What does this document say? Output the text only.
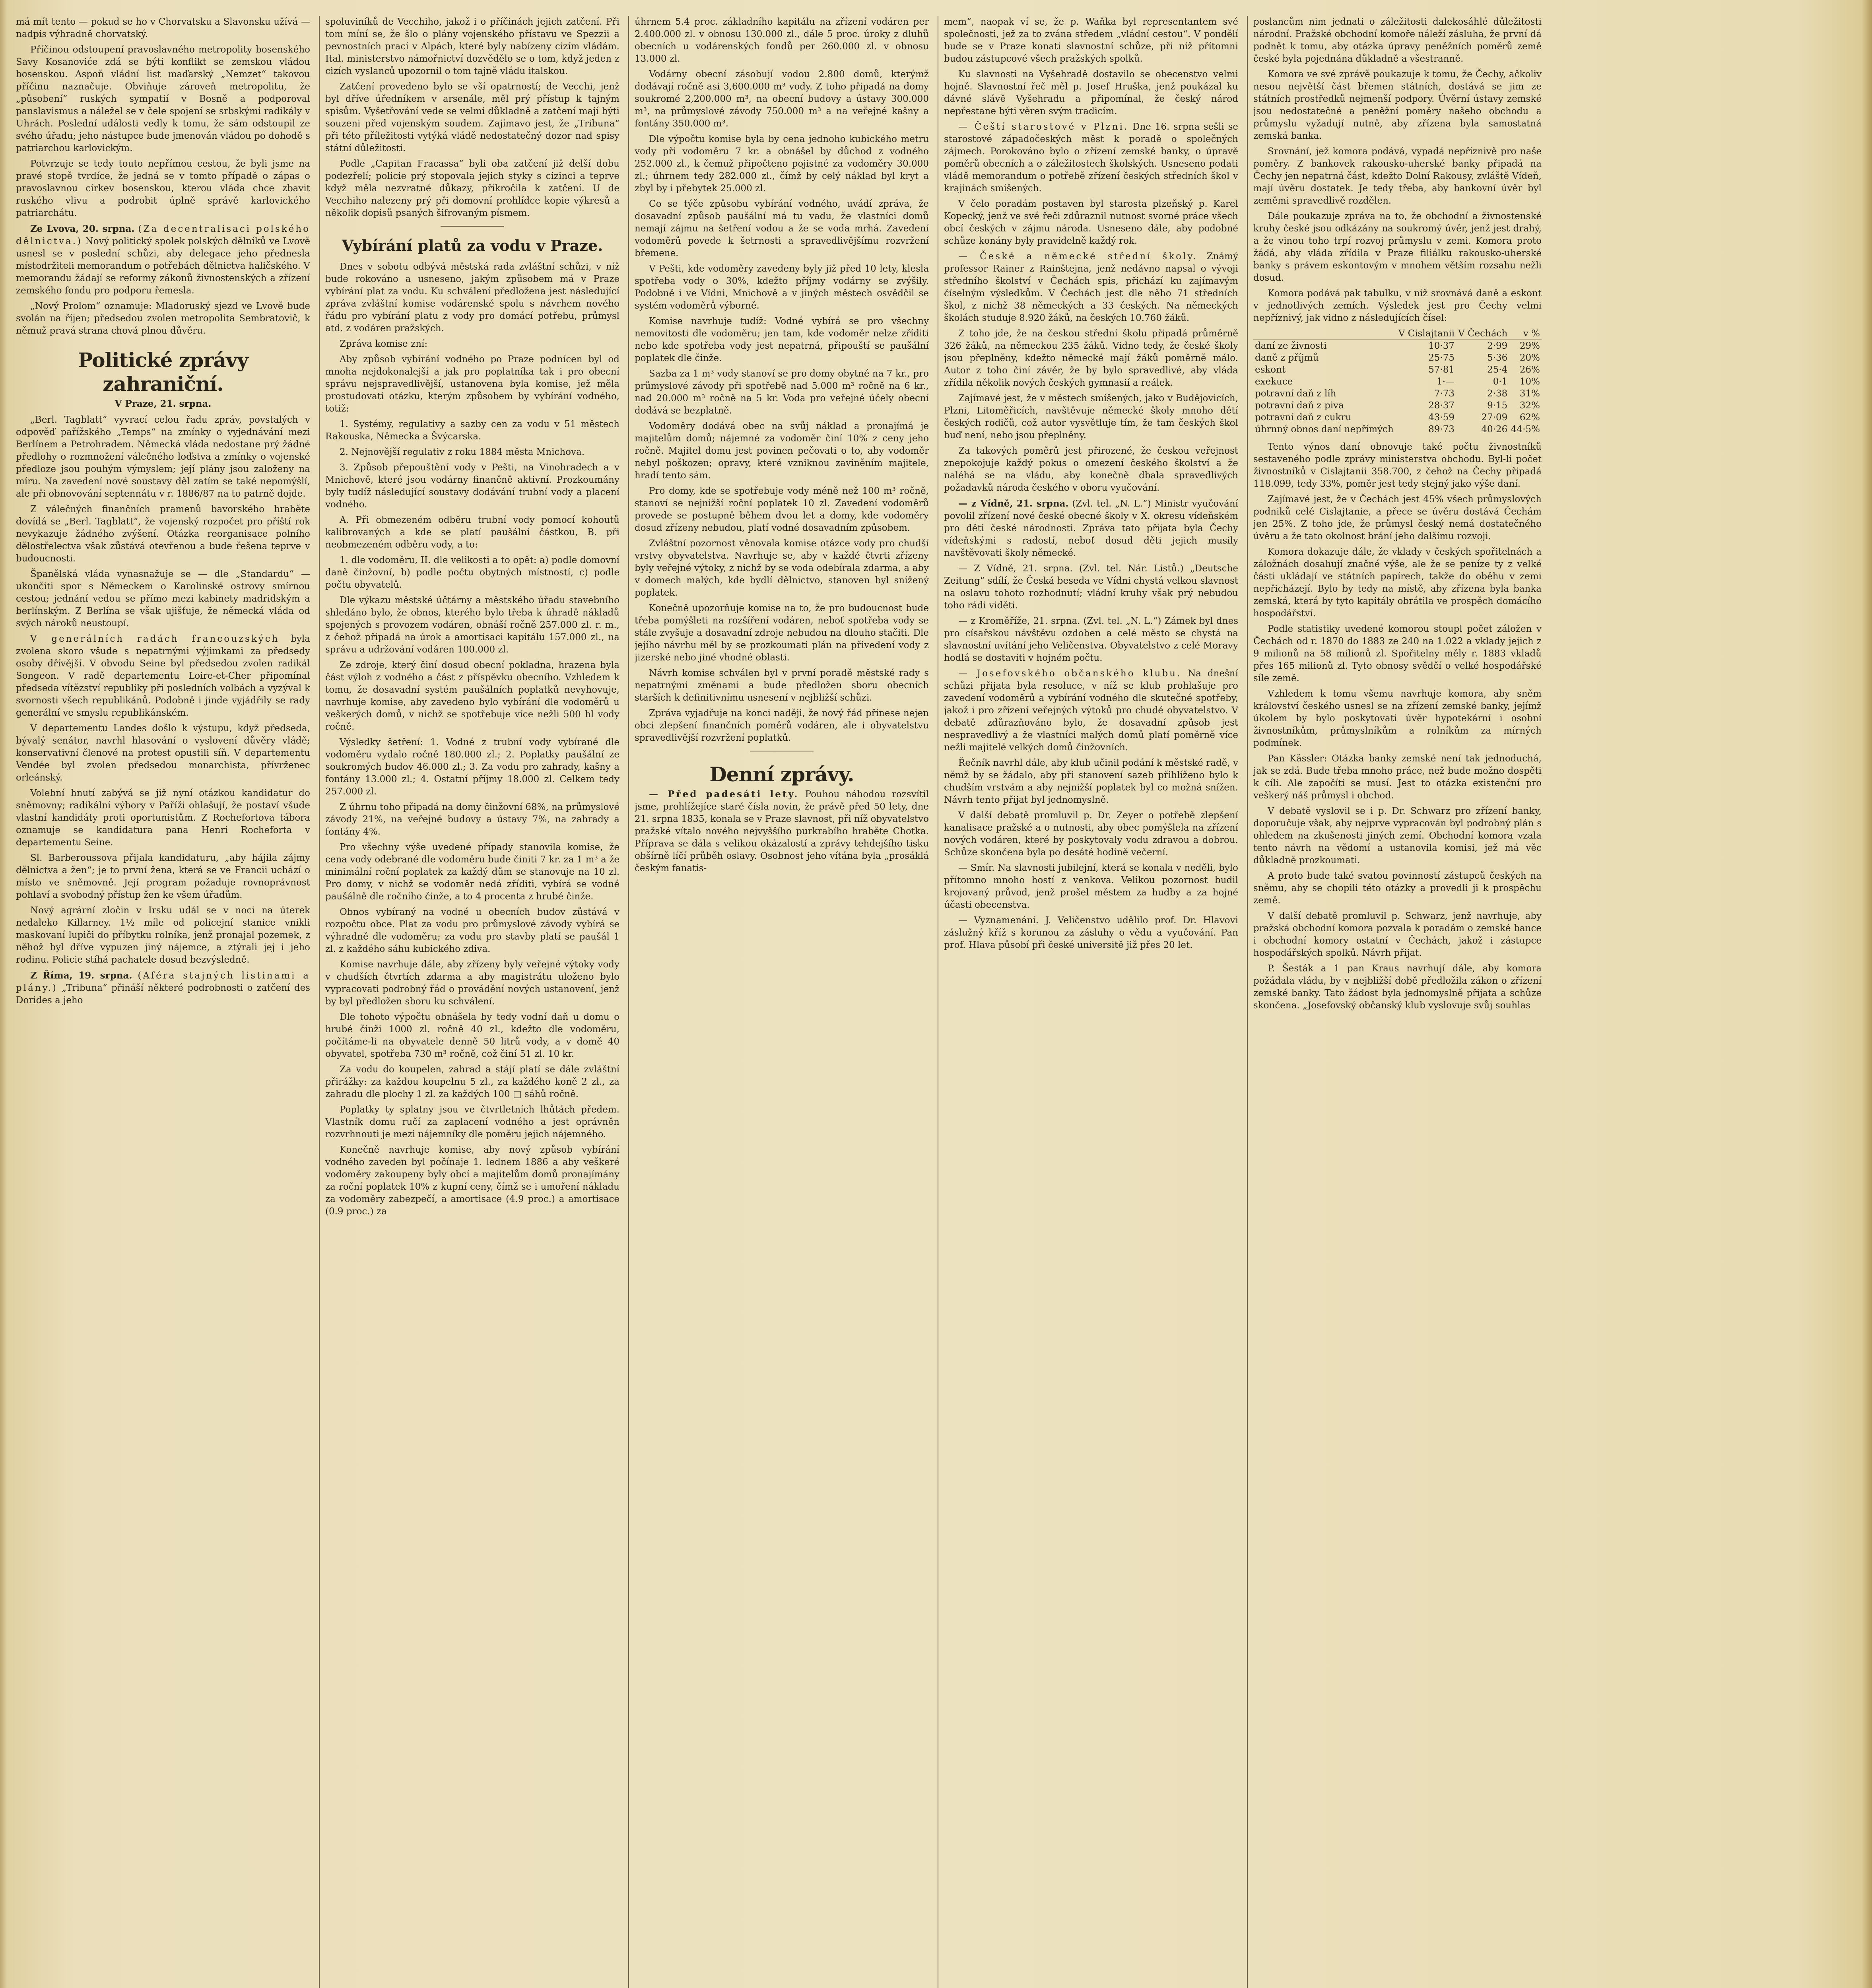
má mít tento — pokud se ho v Chorvatsku a Slavonsku užívá — nadpis výhradně chorvatský.

Příčinou odstoupení pravoslavného metropolity bosenského Savy Kosanoviće zdá se býti konflikt se zemskou vládou bosenskou. Aspoň vládní list maďarský „Nemzet“ takovou příčinu naznačuje. Obviňuje zároveň metropolitu, že „působení“ ruských sympatií v Bosně a podporoval panslavismus a náležel se v čele spojení se srbskými radikály v Uhrách. Poslední události vedly k tomu, že sám odstoupil ze svého úřadu; jeho nástupce bude jmenován vládou po dohodě s patriarchou karlovickým.

Potvrzuje se tedy touto nepřímou cestou, že byli jsme na pravé stopě tvrdíce, že jedná se v tomto případě o zápas o pravoslavnou církev bosenskou, kterou vláda chce zbavit ruského vlivu a podrobit úplně správě karlovického patriarchátu.

Ze Lvova, 20. srpna. (Za decentralisaci polského dělnictva.) Nový politický spolek polských dělníků ve Lvově usnesl se v poslední schůzi, aby delegace jeho přednesla místodržiteli memorandum o potřebách dělnictva haličského. V memorandu žádají se reformy zákonů živnostenských a zřízení zemského fondu pro podporu řemesla.

„Nový Prolom“ oznamuje: Mladoruský sjezd ve Lvově bude svolán na říjen; předsedou zvolen metropolita Sembratovič, k němuž pravá strana chová plnou důvěru.

Politické zprávy zahraniční.
V Praze, 21. srpna.

„Berl. Tagblatt“ vyvrací celou řadu zpráv, povstalých v odpověď pařížského „Temps“ na zmínky o vyjednávání mezi Berlínem a Petrohradem. Německá vláda nedostane prý žádné předlohy o rozmnožení válečného loďstva a zmínky o vojenské předloze jsou pouhým výmyslem; její plány jsou založeny na míru. Na zavedení nové soustavy děl zatím se také nepomýšlí, ale při obnovování septennátu v r. 1886/87 na to patrně dojde.

Z válečných finančních pramenů bavorského hraběte dovídá se „Berl. Tagblatt“, že vojenský rozpočet pro příští rok nevykazuje žádného zvýšení. Otázka reorganisace polního dělostřelectva však zůstává otevřenou a bude řešena teprve v budoucnosti.

Španělská vláda vynasnažuje se — dle „Standardu“ — ukončiti spor s Německem o Karolinské ostrovy smírnou cestou; jednání vedou se přímo mezi kabinety madridským a berlínským. Z Berlína se však ujišťuje, že německá vláda od svých nároků neustoupí.

V generálních radách francouzských byla zvolena skoro všude s nepatrnými výjimkami za předsedy osoby dřívější. V obvodu Seine byl předsedou zvolen radikál Songeon. V radě departementu Loire-et-Cher připomínal předseda vítězství republiky při posledních volbách a vyzýval k svornosti všech republikánů. Podobně i jinde vyjádřily se rady generální ve smyslu republikánském.

V departementu Landes došlo k výstupu, když předseda, bývalý senátor, navrhl hlasování o vyslovení důvěry vládě; konservativní členové na protest opustili síň. V departementu Vendée byl zvolen předsedou monarchista, přívrženec orleánský.

Volební hnutí zabývá se již nyní otázkou kandidatur do sněmovny; radikální výbory v Paříži ohlašují, že postaví všude vlastní kandidáty proti oportunistům. Z Rochefortova tábora oznamuje se kandidatura pana Henri Rocheforta v departementu Seine.

Sl. Barberoussova přijala kandidaturu, „aby hájila zájmy dělnictva a žen“; je to první žena, která se ve Francii uchází o místo ve sněmovně. Její program požaduje rovnoprávnost pohlaví a svobodný přístup žen ke všem úřadům.

Nový agrární zločin v Irsku udál se v noci na úterek nedaleko Killarney. 1½ míle od policejní stanice vnikli maskovaní lupiči do příbytku rolníka, jenž pronajal pozemek, z něhož byl dříve vypuzen jiný nájemce, a ztýrali jej i jeho rodinu. Policie stíhá pachatele dosud bezvýsledně.

Z Říma, 19. srpna. (Aféra stajných listinami a plány.) „Tribuna“ přináší některé podrobnosti o zatčení des Dorides a jeho

spoluviníků de Vecchiho, jakož i o příčinách jejich zatčení. Při tom míní se, že šlo o plány vojenského přístavu ve Spezzii a pevnostních prací v Alpách, které byly nabízeny cizím vládám. Ital. ministerstvo námořnictví dozvědělo se o tom, když jeden z cizích vyslanců upozornil o tom tajně vládu italskou.

Zatčení provedeno bylo se vší opatrností; de Vecchi, jenž byl dříve úředníkem v arsenále, měl prý přístup k tajným spisům. Vyšetřování vede se velmi důkladně a zatčení mají býti souzeni před vojenským soudem. Zajímavo jest, že „Tribuna“ při této příležitosti vytýká vládě nedostatečný dozor nad spisy státní důležitosti.

Podle „Capitan Fracassa“ byli oba zatčení již delší dobu podezřelí; policie prý stopovala jejich styky s cizinci a teprve když měla nezvratné důkazy, přikročila k zatčení. U de Vecchiho nalezeny prý při domovní prohlídce kopie výkresů a několik dopisů psaných šifrovaným písmem.

Vybírání platů za vodu v Praze.

Dnes v sobotu odbývá městská rada zvláštní schůzi, v níž bude rokováno a usneseno, jakým způsobem má v Praze vybírání plat za vodu. Ku schválení předložena jest následující zpráva zvláštní komise vodárenské spolu s návrhem nového řádu pro vybírání platu z vody pro domácí potřebu, průmysl atd. z vodáren pražských.

Zpráva komise zní:

Aby způsob vybírání vodného po Praze podnícen byl od mnoha nejdokonalejší a jak pro poplatníka tak i pro obecní správu nejspravedlivější, ustanovena byla komise, jež měla prostudovati otázku, kterým způsobem by vybírání vodného, totiž:

1. Systémy, regulativy a sazby cen za vodu v 51 městech Rakouska, Německa a Švýcarska.

2. Nejnovější regulativ z roku 1884 města Mnichova.

3. Způsob přepouštění vody v Pešti, na Vinohradech a v Mnichově, které jsou vodárny finančně aktivní. Prozkoumány byly tudíž následující soustavy dodávání trubní vody a placení vodného.

A. Při obmezeném odběru trubní vody pomocí kohoutů kalibrovaných a kde se platí paušální částkou, B. při neobmezeném odběru vody, a to:

1. dle vodoměru, II. dle velikosti a to opět: a) podle domovní daně činžovní, b) podle počtu obytných místností, c) podle počtu obyvatelů.

Dle výkazu městské účtárny a městského úřadu stavebního shledáno bylo, že obnos, kterého bylo třeba k úhradě nákladů spojených s provozem vodáren, obnáší ročně 257.000 zl. r. m., z čehož připadá na úrok a amortisaci kapitálu 157.000 zl., na správu a udržování vodáren 100.000 zl.

Ze zdroje, který činí dosud obecní pokladna, hrazena byla část výloh z vodného a část z příspěvku obecního. Vzhledem k tomu, že dosavadní systém paušálních poplatků nevyhovuje, navrhuje komise, aby zavedeno bylo vybírání dle vodoměrů u veškerých domů, v nichž se spotřebuje více nežli 500 hl vody ročně.

Výsledky šetření: 1. Vodné z trubní vody vybírané dle vodoměru vydalo ročně 180.000 zl.; 2. Poplatky paušální ze soukromých budov 46.000 zl.; 3. Za vodu pro zahrady, kašny a fontány 13.000 zl.; 4. Ostatní příjmy 18.000 zl. Celkem tedy 257.000 zl.

Z úhrnu toho připadá na domy činžovní 68%, na průmyslové závody 21%, na veřejné budovy a ústavy 7%, na zahrady a fontány 4%.

Pro všechny výše uvedené případy stanovila komise, že cena vody odebrané dle vodoměru bude činiti 7 kr. za 1 m³ a že minimální roční poplatek za každý dům se stanovuje na 10 zl. Pro domy, v nichž se vodoměr nedá zříditi, vybírá se vodné paušálně dle ročního činže, a to 4 procenta z hrubé činže.

Obnos vybíraný na vodné u obecních budov zůstává v rozpočtu obce. Plat za vodu pro průmyslové závody vybírá se výhradně dle vodoměru; za vodu pro stavby platí se paušál 1 zl. z každého sáhu kubického zdiva.

Komise navrhuje dále, aby zřízeny byly veřejné výtoky vody v chudších čtvrtích zdarma a aby magistrátu uloženo bylo vypracovati podrobný řád o provádění nových ustanovení, jenž by byl předložen sboru ku schválení.

Dle tohoto výpočtu obnášela by tedy vodní daň u domu o hrubé činži 1000 zl. ročně 40 zl., kdežto dle vodoměru, počítáme-li na obyvatele denně 50 litrů vody, a v domě 40 obyvatel, spotřeba 730 m³ ročně, což činí 51 zl. 10 kr.

Za vodu do koupelen, zahrad a stájí platí se dále zvláštní přirážky: za každou koupelnu 5 zl., za každého koně 2 zl., za zahradu dle plochy 1 zl. za každých 100 □ sáhů ročně.

Poplatky ty splatny jsou ve čtvrtletních lhůtách předem. Vlastník domu ručí za zaplacení vodného a jest oprávněn rozvrhnouti je mezi nájemníky dle poměru jejich nájemného.

Konečně navrhuje komise, aby nový způsob vybírání vodného zaveden byl počínaje 1. lednem 1886 a aby veškeré vodoměry zakoupeny byly obcí a majitelům domů pronajímány za roční poplatek 10% z kupní ceny, čímž se i umoření nákladu za vodoměry zabezpečí, a amortisace (4.9 proc.) a amortisace (0.9 proc.) za

úhrnem 5.4 proc. základního kapitálu na zřízení vodáren per 2.400.000 zl. v obnosu 130.000 zl., dále 5 proc. úroky z dluhů obecních u vodárenských fondů per 260.000 zl. v obnosu 13.000 zl.

Vodárny obecní zásobují vodou 2.800 domů, kterýmž dodávají ročně asi 3,600.000 m³ vody. Z toho připadá na domy soukromé 2,200.000 m³, na obecní budovy a ústavy 300.000 m³, na průmyslové závody 750.000 m³ a na veřejné kašny a fontány 350.000 m³.

Dle výpočtu komise byla by cena jednoho kubického metru vody při vodoměru 7 kr. a obnášel by důchod z vodného 252.000 zl., k čemuž připočteno pojistné za vodoměry 30.000 zl.; úhrnem tedy 282.000 zl., čímž by celý náklad byl kryt a zbyl by i přebytek 25.000 zl.

Co se týče způsobu vybírání vodného, uvádí zpráva, že dosavadní způsob paušální má tu vadu, že vlastníci domů nemají zájmu na šetření vodou a že se voda mrhá. Zavedení vodoměrů povede k šetrnosti a spravedlivějšímu rozvržení břemene.

V Pešti, kde vodoměry zavedeny byly již před 10 lety, klesla spotřeba vody o 30%, kdežto příjmy vodárny se zvýšily. Podobně i ve Vídni, Mnichově a v jiných městech osvědčil se systém vodoměrů výborně.

Komise navrhuje tudíž: Vodné vybírá se pro všechny nemovitosti dle vodoměru; jen tam, kde vodoměr nelze zříditi nebo kde spotřeba vody jest nepatrná, připouští se paušální poplatek dle činže.

Sazba za 1 m³ vody stanoví se pro domy obytné na 7 kr., pro průmyslové závody při spotřebě nad 5.000 m³ ročně na 6 kr., nad 20.000 m³ ročně na 5 kr. Voda pro veřejné účely obecní dodává se bezplatně.

Vodoměry dodává obec na svůj náklad a pronajímá je majitelům domů; nájemné za vodoměr činí 10% z ceny jeho ročně. Majitel domu jest povinen pečovati o to, aby vodoměr nebyl poškozen; opravy, které vzniknou zaviněním majitele, hradí tento sám.

Pro domy, kde se spotřebuje vody méně než 100 m³ ročně, stanoví se nejnižší roční poplatek 10 zl. Zavedení vodoměrů provede se postupně během dvou let a domy, kde vodoměry dosud zřízeny nebudou, platí vodné dosavadním způsobem.

Zvláštní pozornost věnovala komise otázce vody pro chudší vrstvy obyvatelstva. Navrhuje se, aby v každé čtvrti zřízeny byly veřejné výtoky, z nichž by se voda odebírala zdarma, a aby v domech malých, kde bydlí dělnictvo, stanoven byl snížený poplatek.

Konečně upozorňuje komise na to, že pro budoucnost bude třeba pomýšleti na rozšíření vodáren, neboť spotřeba vody se stále zvyšuje a dosavadní zdroje nebudou na dlouho stačiti. Dle jejího návrhu měl by se prozkoumati plán na přivedení vody z jizerské nebo jiné vhodné oblasti.

Návrh komise schválen byl v první poradě městské rady s nepatrnými změnami a bude předložen sboru obecních starších k definitivnímu usnesení v nejbližší schůzi.

Zpráva vyjadřuje na konci naději, že nový řád přinese nejen obci zlepšení finančních poměrů vodáren, ale i obyvatelstvu spravedlivější rozvržení poplatků.

Denní zprávy.

— Před padesáti lety. Pouhou náhodou rozsvítil jsme, prohlížejíce staré čísla novin, že právě před 50 lety, dne 21. srpna 1835, konala se v Praze slavnost, při níž obyvatelstvo pražské vítalo nového nejvyššího purkrabího hraběte Chotka. Příprava se dála s velikou okázalostí a zprávy tehdejšího tisku obšírně líčí průběh oslavy. Osobnost jeho vítána byla „prosáklá českým fanatis-

mem“, naopak ví se, že p. Waňka byl representantem své společnosti, jež za to zvána středem „vládní cestou“. V pondělí bude se v Praze konati slavnostní schůze, při níž přítomni budou zástupcové všech pražských spolků.

Ku slavnosti na Vyšehradě dostavilo se obecenstvo velmi hojně. Slavnostní řeč měl p. Josef Hruška, jenž poukázal ku dávné slávě Vyšehradu a připomínal, že český národ nepřestane býti věren svým tradicím.

— Čeští starostové v Plzni. Dne 16. srpna sešli se starostové západočeských měst k poradě o společných zájmech. Porokováno bylo o zřízení zemské banky, o úpravě poměrů obecních a o záležitostech školských. Usneseno podati vládě memorandum o potřebě zřízení českých středních škol v krajinách smíšených.

V čelo poradám postaven byl starosta plzeňský p. Karel Kopecký, jenž ve své řeči zdůraznil nutnost svorné práce všech obcí českých v zájmu národa. Usneseno dále, aby podobné schůze konány byly pravidelně každý rok.

— České a německé střední školy. Známý professor Rainer z Rainštejna, jenž nedávno napsal o vývoji středního školství v Čechách spis, přichází ku zajímavým číselným výsledkům. V Čechách jest dle něho 71 středních škol, z nichž 38 německých a 33 českých. Na německých školách studuje 8.920 žáků, na českých 10.760 žáků.

Z toho jde, že na českou střední školu připadá průměrně 326 žáků, na německou 235 žáků. Vidno tedy, že české školy jsou přeplněny, kdežto německé mají žáků poměrně málo. Autor z toho činí závěr, že by bylo spravedlivé, aby vláda zřídila několik nových českých gymnasií a reálek.

Zajímavé jest, že v městech smíšených, jako v Budějovicích, Plzni, Litoměřicích, navštěvuje německé školy mnoho dětí českých rodičů, což autor vysvětluje tím, že tam českých škol buď není, nebo jsou přeplněny.

Za takových poměrů jest přirozené, že českou veřejnost znepokojuje každý pokus o omezení českého školství a že naléhá se na vládu, aby konečně dbala spravedlivých požadavků národa českého v oboru vyučování.

— z Vídně, 21. srpna. (Zvl. tel. „N. L.“) Ministr vyučování povolil zřízení nové české obecné školy v X. okresu vídeňském pro děti české národnosti. Zpráva tato přijata byla Čechy vídeňskými s radostí, neboť dosud děti jejich musily navštěvovati školy německé.

— Z Vídně, 21. srpna. (Zvl. tel. Nár. Listů.) „Deutsche Zeitung“ sdílí, že Česká beseda ve Vídni chystá velkou slavnost na oslavu tohoto rozhodnutí; vládní kruhy však prý nebudou toho rádi viděti.

— z Kroměříže, 21. srpna. (Zvl. tel. „N. L.“) Zámek byl dnes pro císařskou návštěvu ozdoben a celé město se chystá na slavnostní uvítání jeho Veličenstva. Obyvatelstvo z celé Moravy hodlá se dostaviti v hojném počtu.

— Josefovského občanského klubu. Na dnešní schůzi přijata byla resoluce, v níž se klub prohlašuje pro zavedení vodoměrů a vybírání vodného dle skutečné spotřeby, jakož i pro zřízení veřejných výtoků pro chudé obyvatelstvo. V debatě zdůrazňováno bylo, že dosavadní způsob jest nespravedlivý a že vlastníci malých domů platí poměrně více nežli majitelé velkých domů činžovních.

Řečník navrhl dále, aby klub učinil podání k městské radě, v němž by se žádalo, aby při stanovení sazeb přihlíženo bylo k chudším vrstvám a aby nejnižší poplatek byl co možná snížen. Návrh tento přijat byl jednomyslně.

V další debatě promluvil p. Dr. Zeyer o potřebě zlepšení kanalisace pražské a o nutnosti, aby obec pomýšlela na zřízení nových vodáren, které by poskytovaly vodu zdravou a dobrou. Schůze skončena byla po desáté hodině večerní.

— Smír. Na slavnosti jubilejní, která se konala v neděli, bylo přítomno mnoho hostí z venkova. Velikou pozornost budil krojovaný průvod, jenž prošel městem za hudby a za hojné účasti obecenstva.

— Vyznamenání. J. Veličenstvo udělilo prof. Dr. Hlavovi záslužný kříž s korunou za zásluhy o vědu a vyučování. Pan prof. Hlava působí při české universitě již přes 20 let.

poslancům nim jednati o záležitosti dalekosáhlé důležitosti národní. Pražské obchodní komoře náleží zásluha, že první dá podnět k tomu, aby otázka úpravy peněžních poměrů země české byla pojednána důkladně a všestranně.

Komora ve své zprávě poukazuje k tomu, že Čechy, ačkoliv nesou největší část břemen státních, dostává se jim ze státních prostředků nejmenší podpory. Úvěrní ústavy zemské jsou nedostatečné a peněžní poměry našeho obchodu a průmyslu vyžadují nutně, aby zřízena byla samostatná zemská banka.

Srovnání, jež komora podává, vypadá nepříznivě pro naše poměry. Z bankovek rakousko-uherské banky připadá na Čechy jen nepatrná část, kdežto Dolní Rakousy, zvláště Vídeň, mají úvěru dostatek. Je tedy třeba, aby bankovní úvěr byl zeměmi spravedlivě rozdělen.

Dále poukazuje zpráva na to, že obchodní a živnostenské kruhy české jsou odkázány na soukromý úvěr, jenž jest drahý, a že vinou toho trpí rozvoj průmyslu v zemi. Komora proto žádá, aby vláda zřídila v Praze filiálku rakousko-uherské banky s právem eskontovým v mnohem větším rozsahu nežli dosud.

Komora podává pak tabulku, v níž srovnává daně a eskont v jednotlivých zemích. Výsledek jest pro Čechy velmi nepříznivý, jak vidno z následujících čísel:

	V Cislajtanii	V Čechách	v %
daní ze živnosti	10·37	2·99	29%
daně z příjmů	25·75	5·36	20%
eskont	57·81	25·4	26%
exekuce	1·—	0·1	10%
potravní daň z líh	7·73	2·38	31%
potravní daň z piva	28·37	9·15	32%
potravní daň z cukru	43·59	27·09	62%
úhrnný obnos daní nepřímých	89·73	40·26	44·5%

Tento výnos daní obnovuje také počtu živnostníků sestaveného podle zprávy ministerstva obchodu. Byl-li počet živnostníků v Cislajtanii 358.700, z čehož na Čechy připadá 118.099, tedy 33%, poměr jest tedy stejný jako výše daní.

Zajímavé jest, že v Čechách jest 45% všech průmyslových podniků celé Cislajtanie, a přece se úvěru dostává Čechám jen 25%. Z toho jde, že průmysl český nemá dostatečného úvěru a že tato okolnost brání jeho dalšímu rozvoji.

Komora dokazuje dále, že vklady v českých spořitelnách a záložnách dosahují značné výše, ale že se peníze ty z velké části ukládají ve státních papírech, takže do oběhu v zemi nepřicházejí. Bylo by tedy na místě, aby zřízena byla banka zemská, která by tyto kapitály obrátila ve prospěch domácího hospodářství.

Podle statistiky uvedené komorou stoupl počet záložen v Čechách od r. 1870 do 1883 ze 240 na 1.022 a vklady jejich z 9 milionů na 58 milionů zl. Spořitelny měly r. 1883 vkladů přes 165 milionů zl. Tyto obnosy svědčí o velké hospodářské síle země.

Vzhledem k tomu všemu navrhuje komora, aby sněm království českého usnesl se na zřízení zemské banky, jejímž úkolem by bylo poskytovati úvěr hypotekární i osobní živnostníkům, průmyslníkům a rolníkům za mírných podmínek.

Pan Kässler: Otázka banky zemské není tak jednoduchá, jak se zdá. Bude třeba mnoho práce, než bude možno dospěti k cíli. Ale započíti se musí. Jest to otázka existenční pro veškerý náš průmysl i obchod.

V debatě vyslovil se i p. Dr. Schwarz pro zřízení banky, doporučuje však, aby nejprve vypracován byl podrobný plán s ohledem na zkušenosti jiných zemí. Obchodní komora vzala tento návrh na vědomí a ustanovila komisi, jež má věc důkladně prozkoumati.

A proto bude také svatou povinností zástupců českých na sněmu, aby se chopili této otázky a provedli ji k prospěchu země.

V další debatě promluvil p. Schwarz, jenž navrhuje, aby pražská obchodní komora pozvala k poradám o zemské bance i obchodní komory ostatní v Čechách, jakož i zástupce hospodářských spolků. Návrh přijat.

P. Šesták a 1 pan Kraus navrhují dále, aby komora požádala vládu, by v nejbližší době předložila zákon o zřízení zemské banky. Tato žádost byla jednomyslně přijata a schůze skončena. „Josefovský občanský klub vyslovuje svůj souhlas
